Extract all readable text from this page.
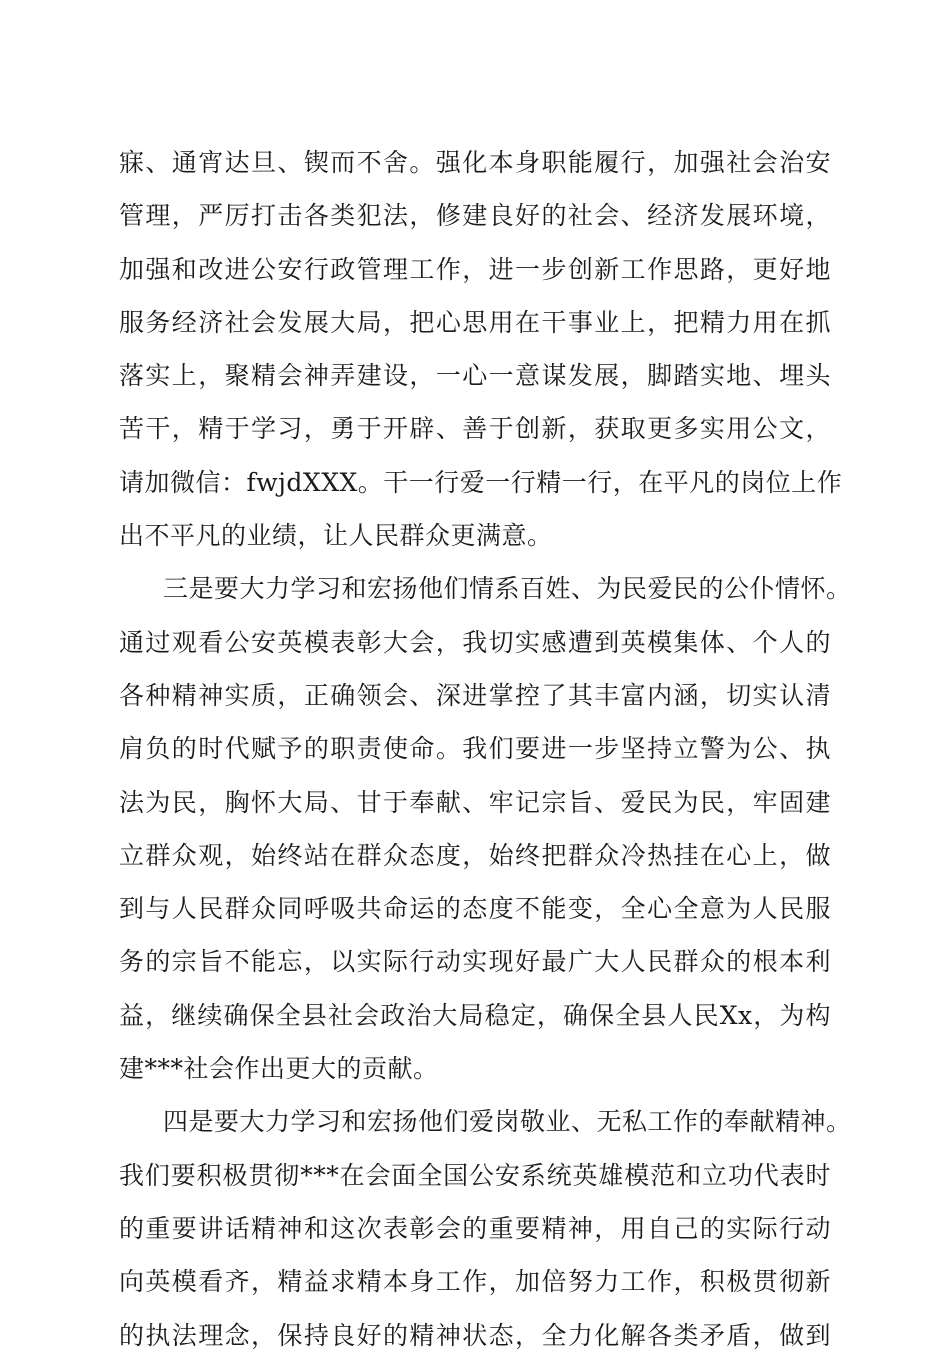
寐、通宵达旦、锲而不舍。强化本身职能履行，加强社会治安
管理，严厉打击各类犯法，修建良好的社会、经济发展环境，
加强和改进公安行政管理工作，进一步创新工作思路，更好地
服务经济社会发展大局，把心思用在干事业上，把精力用在抓
落实上，聚精会神弄建设，一心一意谋发展，脚踏实地、埋头
苦干，精于学习，勇于开辟、善于创新，获取更多实用公文，
请加微信：fwjdXXX。干一行爱一行精一行，在平凡的岗位上作
出不平凡的业绩，让人民群众更满意。
三是要大力学习和宏扬他们情系百姓、为民爱民的公仆情怀。
通过观看公安英模表彰大会，我切实感遭到英模集体、个人的
各种精神实质，正确领会、深进掌控了其丰富内涵，切实认清
肩负的时代赋予的职责使命。我们要进一步坚持立警为公、执
法为民，胸怀大局、甘于奉献、牢记宗旨、爱民为民，牢固建
立群众观，始终站在群众态度，始终把群众冷热挂在心上，做
到与人民群众同呼吸共命运的态度不能变，全心全意为人民服
务的宗旨不能忘，以实际行动实现好最广大人民群众的根本利
益，继续确保全县社会政治大局稳定，确保全县人民Xx，为构
建***社会作出更大的贡献。
四是要大力学习和宏扬他们爱岗敬业、无私工作的奉献精神。
我们要积极贯彻***在会面全国公安系统英雄模范和立功代表时
的重要讲话精神和这次表彰会的重要精神，用自己的实际行动
向英模看齐，精益求精本身工作，加倍努力工作，积极贯彻新
的执法理念，保持良好的精神状态，全力化解各类矛盾，做到
